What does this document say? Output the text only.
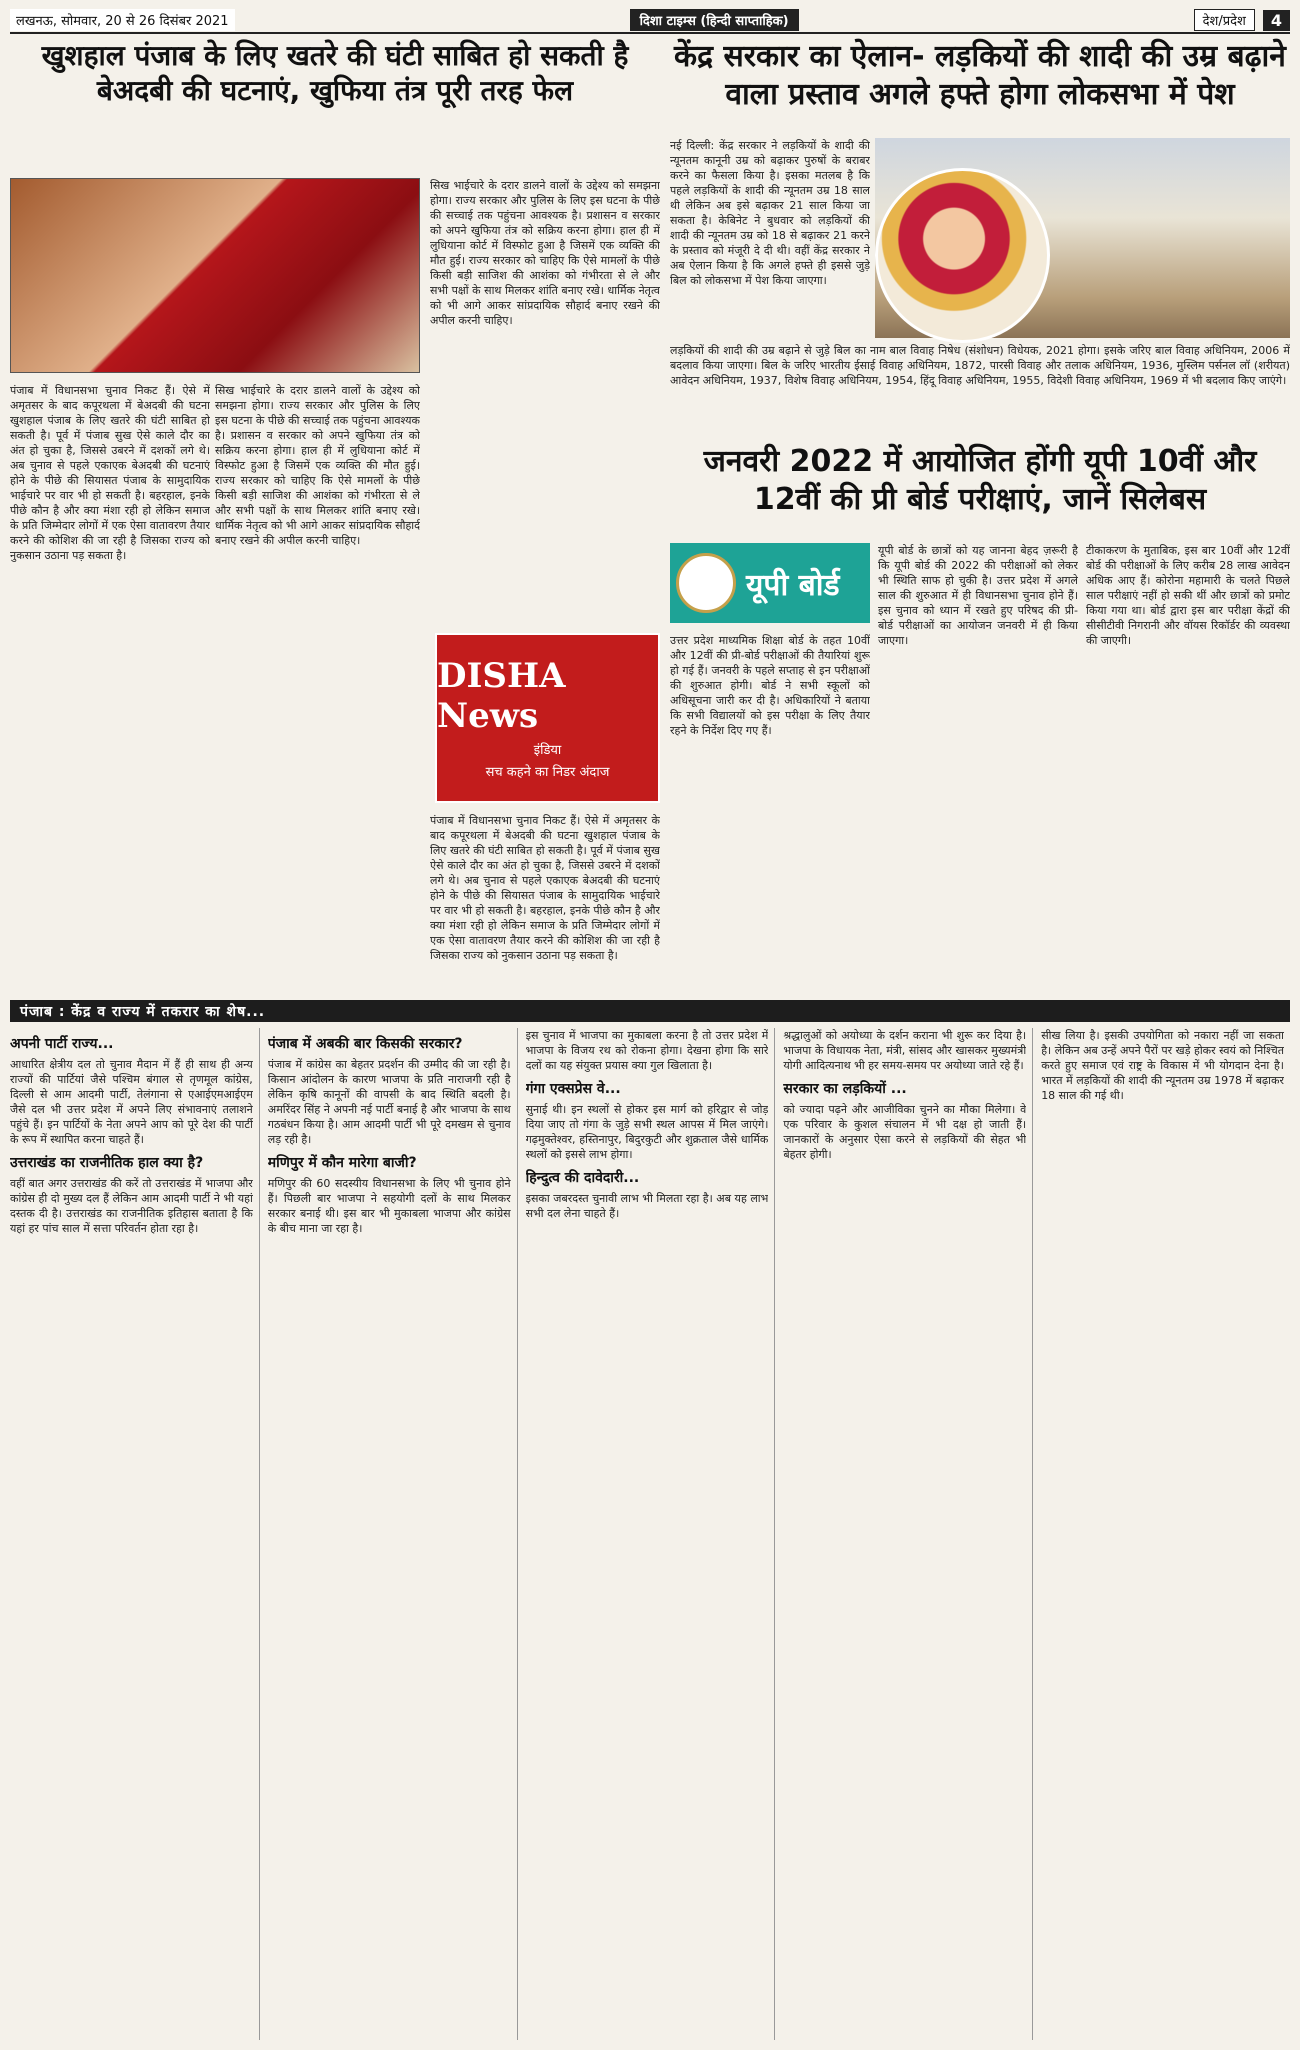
लखनऊ, सोमवार, 20 से 26 दिसंबर 2021	दिशा टाइम्स (हिन्दी साप्ताहिक)	देश/प्रदेश	4
खुशहाल पंजाब के लिए खतरे की घंटी साबित हो सकती है बेअदबी की घटनाएं, खुफिया तंत्र पूरी तरह फेल
पंजाब में विधानसभा चुनाव निकट हैं। ऐसे में अमृतसर के बाद कपूरथला में बेअदबी की घटना खुशहाल पंजाब के लिए खतरे की घंटी साबित हो सकती है। पूर्व में पंजाब सुख ऐसे काले दौर का अंत हो चुका है, जिससे उबरने में दशकों लगे थे। अब चुनाव से पहले एकाएक बेअदबी की घटनाएं होने के पीछे की सियासत पंजाब के सामुदायिक भाईचारे पर वार भी हो सकती है। बहरहाल, इनके पीछे कौन है और क्या मंशा रही हो लेकिन समाज के प्रति जिम्मेदार लोगों में एक ऐसा वातावरण तैयार करने की कोशिश की जा रही है जिसका राज्य को नुकसान उठाना पड़ सकता है।
सिख भाईचारे के दरार डालने वालों के उद्देश्य को समझना होगा। राज्य सरकार और पुलिस के लिए इस घटना के पीछे की सच्चाई तक पहुंचना आवश्यक है। प्रशासन व सरकार को अपने खुफिया तंत्र को सक्रिय करना होगा। हाल ही में लुधियाना कोर्ट में विस्फोट हुआ है जिसमें एक व्यक्ति की मौत हुई। राज्य सरकार को चाहिए कि ऐसे मामलों के पीछे किसी बड़ी साजिश की आशंका को गंभीरता से ले और सभी पक्षों के साथ मिलकर शांति बनाए रखे। धार्मिक नेतृत्व को भी आगे आकर सांप्रदायिक सौहार्द बनाए रखने की अपील करनी चाहिए।
सिख भाईचारे के दरार डालने वालों के उद्देश्य को समझना होगा। राज्य सरकार और पुलिस के लिए इस घटना के पीछे की सच्चाई तक पहुंचना आवश्यक है। प्रशासन व सरकार को अपने खुफिया तंत्र को सक्रिय करना होगा। हाल ही में लुधियाना कोर्ट में विस्फोट हुआ है जिसमें एक व्यक्ति की मौत हुई। राज्य सरकार को चाहिए कि ऐसे मामलों के पीछे किसी बड़ी साजिश की आशंका को गंभीरता से ले और सभी पक्षों के साथ मिलकर शांति बनाए रखे। धार्मिक नेतृत्व को भी आगे आकर सांप्रदायिक सौहार्द बनाए रखने की अपील करनी चाहिए।
DISHA News
इंडिया
सच कहने का निडर अंदाज
पंजाब में विधानसभा चुनाव निकट हैं। ऐसे में अमृतसर के बाद कपूरथला में बेअदबी की घटना खुशहाल पंजाब के लिए खतरे की घंटी साबित हो सकती है। पूर्व में पंजाब सुख ऐसे काले दौर का अंत हो चुका है, जिससे उबरने में दशकों लगे थे। अब चुनाव से पहले एकाएक बेअदबी की घटनाएं होने के पीछे की सियासत पंजाब के सामुदायिक भाईचारे पर वार भी हो सकती है। बहरहाल, इनके पीछे कौन है और क्या मंशा रही हो लेकिन समाज के प्रति जिम्मेदार लोगों में एक ऐसा वातावरण तैयार करने की कोशिश की जा रही है जिसका राज्य को नुकसान उठाना पड़ सकता है।
केंद्र सरकार का ऐलान- लड़कियों की शादी की उम्र बढ़ाने वाला प्रस्ताव अगले हफ्ते होगा लोकसभा में पेश
नई दिल्ली: केंद्र सरकार ने लड़कियों के शादी की न्यूनतम कानूनी उम्र को बढ़ाकर पुरुषों के बराबर करने का फैसला किया है। इसका मतलब है कि पहले लड़कियों के शादी की न्यूनतम उम्र 18 साल थी लेकिन अब इसे बढ़ाकर 21 साल किया जा सकता है। केबिनेट ने बुधवार को लड़कियों की शादी की न्यूनतम उम्र को 18 से बढ़ाकर 21 करने के प्रस्ताव को मंजूरी दे दी थी। वहीं केंद्र सरकार ने अब ऐलान किया है कि अगले हफ्ते ही इससे जुड़े बिल को लोकसभा में पेश किया जाएगा।
लड़कियों की शादी की उम्र बढ़ाने से जुड़े बिल का नाम बाल विवाह निषेध (संशोधन) विधेयक, 2021 होगा। इसके जरिए बाल विवाह अधिनियम, 2006 में बदलाव किया जाएगा। बिल के जरिए भारतीय ईसाई विवाह अधिनियम, 1872, पारसी विवाह और तलाक अधिनियम, 1936, मुस्लिम पर्सनल लॉ (शरीयत) आवेदन अधिनियम, 1937, विशेष विवाह अधिनियम, 1954, हिंदू विवाह अधिनियम, 1955, विदेशी विवाह अधिनियम, 1969 में भी बदलाव किए जाएंगे।
जनवरी 2022 में आयोजित होंगी यूपी 10वीं और 12वीं की प्री बोर्ड परीक्षाएं, जानें सिलेबस
यूपी बोर्ड
उत्तर प्रदेश माध्यमिक शिक्षा बोर्ड के तहत 10वीं और 12वीं की प्री-बोर्ड परीक्षाओं की तैयारियां शुरू हो गई हैं। जनवरी के पहले सप्ताह से इन परीक्षाओं की शुरुआत होगी। बोर्ड ने सभी स्कूलों को अधिसूचना जारी कर दी है। अधिकारियों ने बताया कि सभी विद्यालयों को इस परीक्षा के लिए तैयार रहने के निर्देश दिए गए हैं।
यूपी बोर्ड के छात्रों को यह जानना बेहद ज़रूरी है कि यूपी बोर्ड की 2022 की परीक्षाओं को लेकर भी स्थिति साफ हो चुकी है। उत्तर प्रदेश में अगले साल की शुरुआत में ही विधानसभा चुनाव होने हैं। इस चुनाव को ध्यान में रखते हुए परिषद की प्री-बोर्ड परीक्षाओं का आयोजन जनवरी में ही किया जाएगा।
टीकाकरण के मुताबिक, इस बार 10वीं और 12वीं बोर्ड की परीक्षाओं के लिए करीब 28 लाख आवेदन अधिक आए हैं। कोरोना महामारी के चलते पिछले साल परीक्षाएं नहीं हो सकी थीं और छात्रों को प्रमोट किया गया था। बोर्ड द्वारा इस बार परीक्षा केंद्रों की सीसीटीवी निगरानी और वॉयस रिकॉर्डर की व्यवस्था की जाएगी।
पंजाब : केंद्र व राज्य में तकरार का शेष...
अपनी पार्टी राज्य...
आधारित क्षेत्रीय दल तो चुनाव मैदान में हैं ही साथ ही अन्य राज्यों की पार्टियां जैसे पश्चिम बंगाल से तृणमूल कांग्रेस, दिल्ली से आम आदमी पार्टी, तेलंगाना से एआईएमआईएम जैसे दल भी उत्तर प्रदेश में अपने लिए संभावनाएं तलाशने पहुंचे हैं। इन पार्टियों के नेता अपने आप को पूरे देश की पार्टी के रूप में स्थापित करना चाहते हैं।
उत्तराखंड का राजनीतिक हाल क्या है?
वहीं बात अगर उत्तराखंड की करें तो उत्तराखंड में भाजपा और कांग्रेस ही दो मुख्य दल हैं लेकिन आम आदमी पार्टी ने भी यहां दस्तक दी है। उत्तराखंड का राजनीतिक इतिहास बताता है कि यहां हर पांच साल में सत्ता परिवर्तन होता रहा है।
पंजाब में अबकी बार किसकी सरकार?
पंजाब में कांग्रेस का बेहतर प्रदर्शन की उम्मीद की जा रही है। किसान आंदोलन के कारण भाजपा के प्रति नाराजगी रही है लेकिन कृषि कानूनों की वापसी के बाद स्थिति बदली है। अमरिंदर सिंह ने अपनी नई पार्टी बनाई है और भाजपा के साथ गठबंधन किया है। आम आदमी पार्टी भी पूरे दमखम से चुनाव लड़ रही है।
मणिपुर में कौन मारेगा बाजी?
मणिपुर की 60 सदस्यीय विधानसभा के लिए भी चुनाव होने हैं। पिछली बार भाजपा ने सहयोगी दलों के साथ मिलकर सरकार बनाई थी। इस बार भी मुकाबला भाजपा और कांग्रेस के बीच माना जा रहा है।
इस चुनाव में भाजपा का मुकाबला करना है तो उत्तर प्रदेश में भाजपा के विजय रथ को रोकना होगा। देखना होगा कि सारे दलों का यह संयुक्त प्रयास क्या गुल खिलाता है।
गंगा एक्सप्रेस वे...
सुनाई थी। इन स्थलों से होकर इस मार्ग को हरिद्वार से जोड़ दिया जाए तो गंगा के जुड़े सभी स्थल आपस में मिल जाएंगे। गढ़मुक्तेश्वर, हस्तिनापुर, बिदुरकुटी और शुक्रताल जैसे धार्मिक स्थलों को इससे लाभ होगा।
हिन्दुत्व की दावेदारी...
इसका जबरदस्त चुनावी लाभ भी मिलता रहा है। अब यह लाभ सभी दल लेना चाहते हैं।
श्रद्धालुओं को अयोध्या के दर्शन कराना भी शुरू कर दिया है। भाजपा के विधायक नेता, मंत्री, सांसद और खासकर मुख्यमंत्री योगी आदित्यनाथ भी हर समय-समय पर अयोध्या जाते रहे हैं।
सरकार का लड़कियों ...
को ज्यादा पढ़ने और आजीविका चुनने का मौका मिलेगा। वे एक परिवार के कुशल संचालन में भी दक्ष हो जाती हैं। जानकारों के अनुसार ऐसा करने से लड़कियों की सेहत भी बेहतर होगी।
सीख लिया है। इसकी उपयोगिता को नकारा नहीं जा सकता है। लेकिन अब उन्हें अपने पैरों पर खड़े होकर स्वयं को निश्चित करते हुए समाज एवं राष्ट्र के विकास में भी योगदान देना है। भारत में लड़कियों की शादी की न्यूनतम उम्र 1978 में बढ़ाकर 18 साल की गई थी।
